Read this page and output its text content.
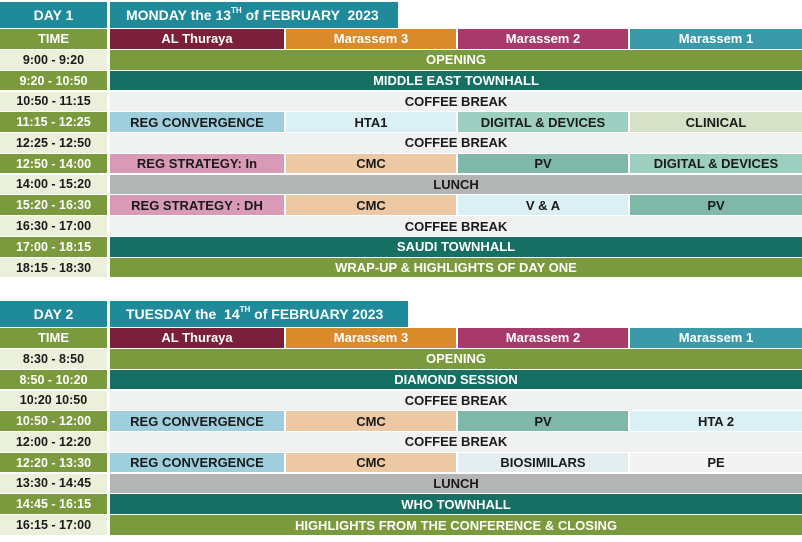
DAY 1	MONDAY the 13 TH of FEBRUARY  2023
TIME	AL Thuraya	Marassem 3	Marassem 2	Marassem 1
9:00 - 9:20	OPENING
9:20 - 10:50	MIDDLE EAST TOWNHALL
10:50 - 11:15	COFFEE BREAK
11:15 - 12:25	REG CONVERGENCE	HTA1	DIGITAL & DEVICES	CLINICAL
12:25 - 12:50	COFFEE BREAK
12:50 - 14:00	REG STRATEGY: In	CMC	PV	DIGITAL & DEVICES
14:00 - 15:20	LUNCH
15:20 - 16:30	REG STRATEGY : DH	CMC	V & A	PV
16:30 - 17:00	COFFEE BREAK
17:00 - 18:15	SAUDI TOWNHALL
18:15 - 18:30	WRAP-UP & HIGHLIGHTS OF DAY ONE
DAY 2	TUESDAY the  14 TH of FEBRUARY 2023
TIME	AL Thuraya	Marassem 3	Marassem 2	Marassem 1
8:30 - 8:50	OPENING
8:50 - 10:20	DIAMOND SESSION
10:20 10:50	COFFEE BREAK
10:50 - 12:00	REG CONVERGENCE	CMC	PV	HTA 2
12:00 - 12:20	COFFEE BREAK
12:20 - 13:30	REG CONVERGENCE	CMC	BIOSIMILARS	PE
13:30 - 14:45	LUNCH
14:45 - 16:15	WHO TOWNHALL
16:15 - 17:00	HIGHLIGHTS FROM THE CONFERENCE & CLOSING
